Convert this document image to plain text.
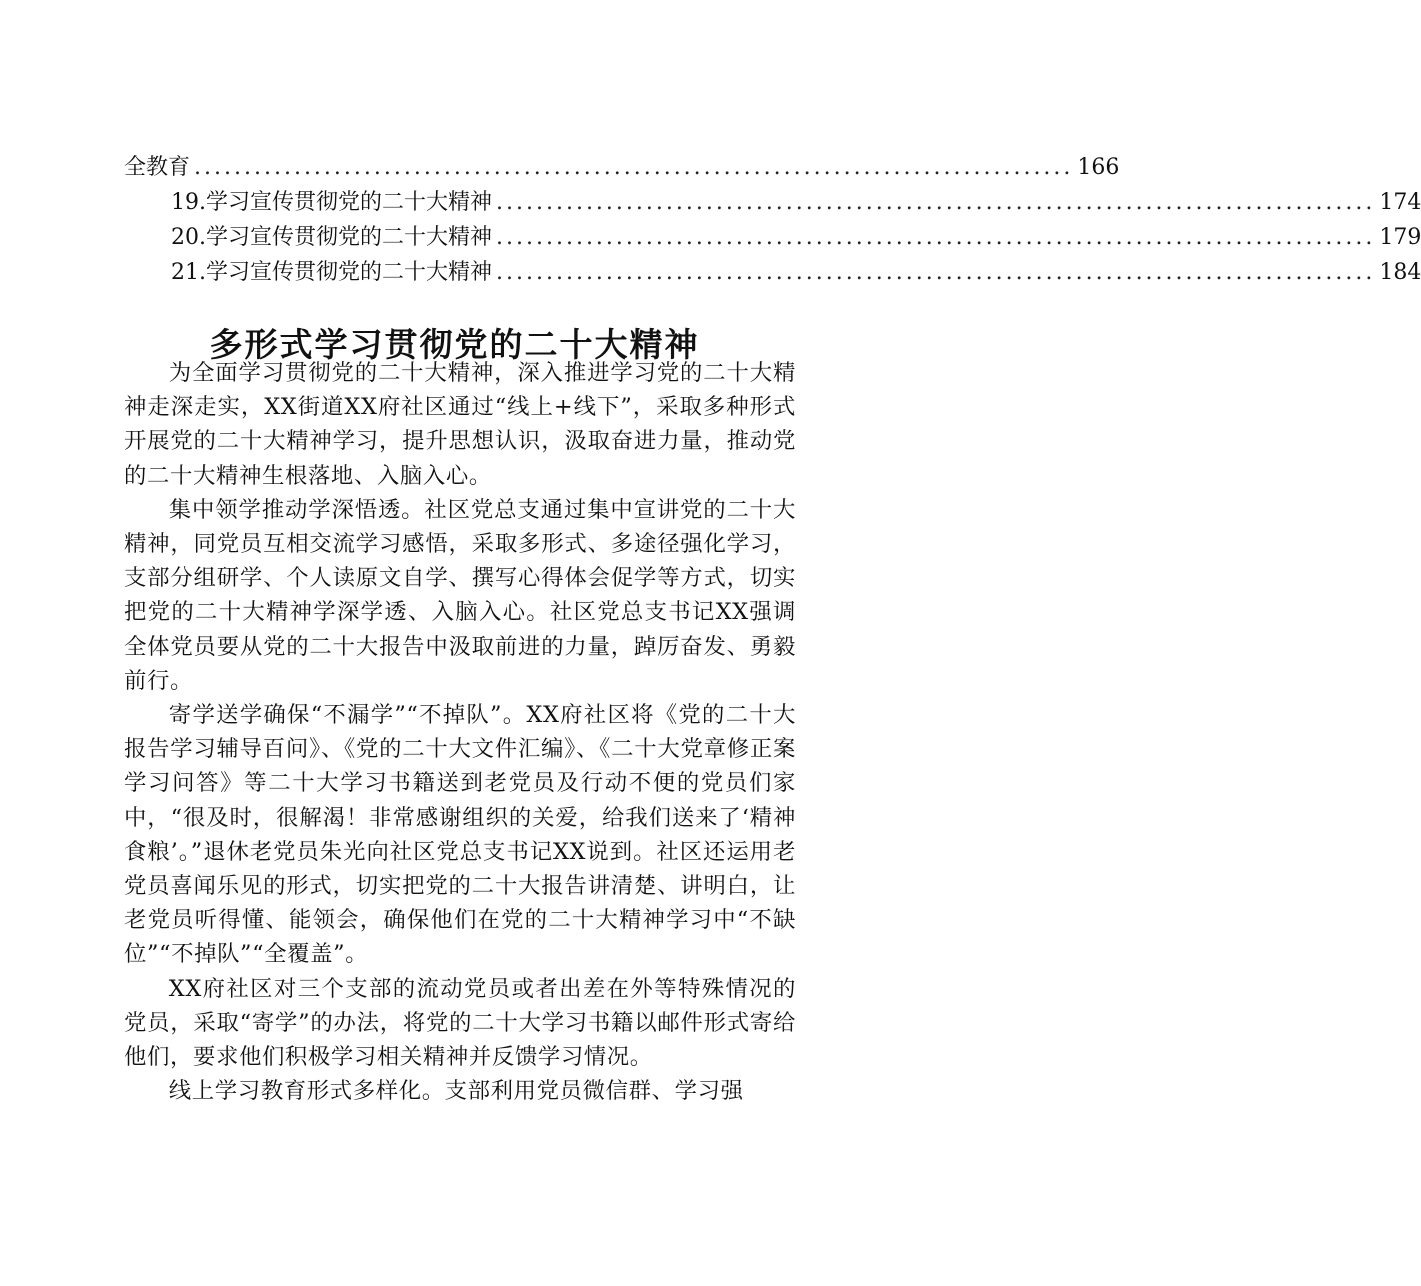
全教育 ........................................................................................ 166
19.学习宣传贯彻党的二十大精神 ........................................................................................ 174
20.学习宣传贯彻党的二十大精神 ........................................................................................ 179
21.学习宣传贯彻党的二十大精神 ........................................................................................ 184
多形式学习贯彻党的二十大精神

为全面学习贯彻党的二十大精神，深入推进学习党的二十大精神走深走实，XX街道XX府社区通过“线上+线下”，采取多种形式开展党的二十大精神学习，提升思想认识，汲取奋进力量，推动党的二十大精神生根落地、入脑入心。

集中领学推动学深悟透。社区党总支通过集中宣讲党的二十大精神，同党员互相交流学习感悟，采取多形式、多途径强化学习，支部分组研学、个人读原文自学、撰写心得体会促学等方式，切实把党的二十大精神学深学透、入脑入心。社区党总支书记XX强调全体党员要从党的二十大报告中汲取前进的力量，踔厉奋发、勇毅前行。

寄学送学确保“不漏学”“不掉队”。XX府社区将《党的二十大报告学习辅导百问》、《党的二十大文件汇编》、《二十大党章修正案学习问答》等二十大学习书籍送到老党员及行动不便的党员们家中，“很及时，很解渴！非常感谢组织的关爱，给我们送来了‘精神食粮’。”退休老党员朱光向社区党总支书记XX说到。社区还运用老党员喜闻乐见的形式，切实把党的二十大报告讲清楚、讲明白，让老党员听得懂、能领会，确保他们在党的二十大精神学习中“不缺位”“不掉队”“全覆盖”。

XX府社区对三个支部的流动党员或者出差在外等特殊情况的党员，采取“寄学”的办法，将党的二十大学习书籍以邮件形式寄给他们，要求他们积极学习相关精神并反馈学习情况。

线上学习教育形式多样化。支部利用党员微信群、学习强
